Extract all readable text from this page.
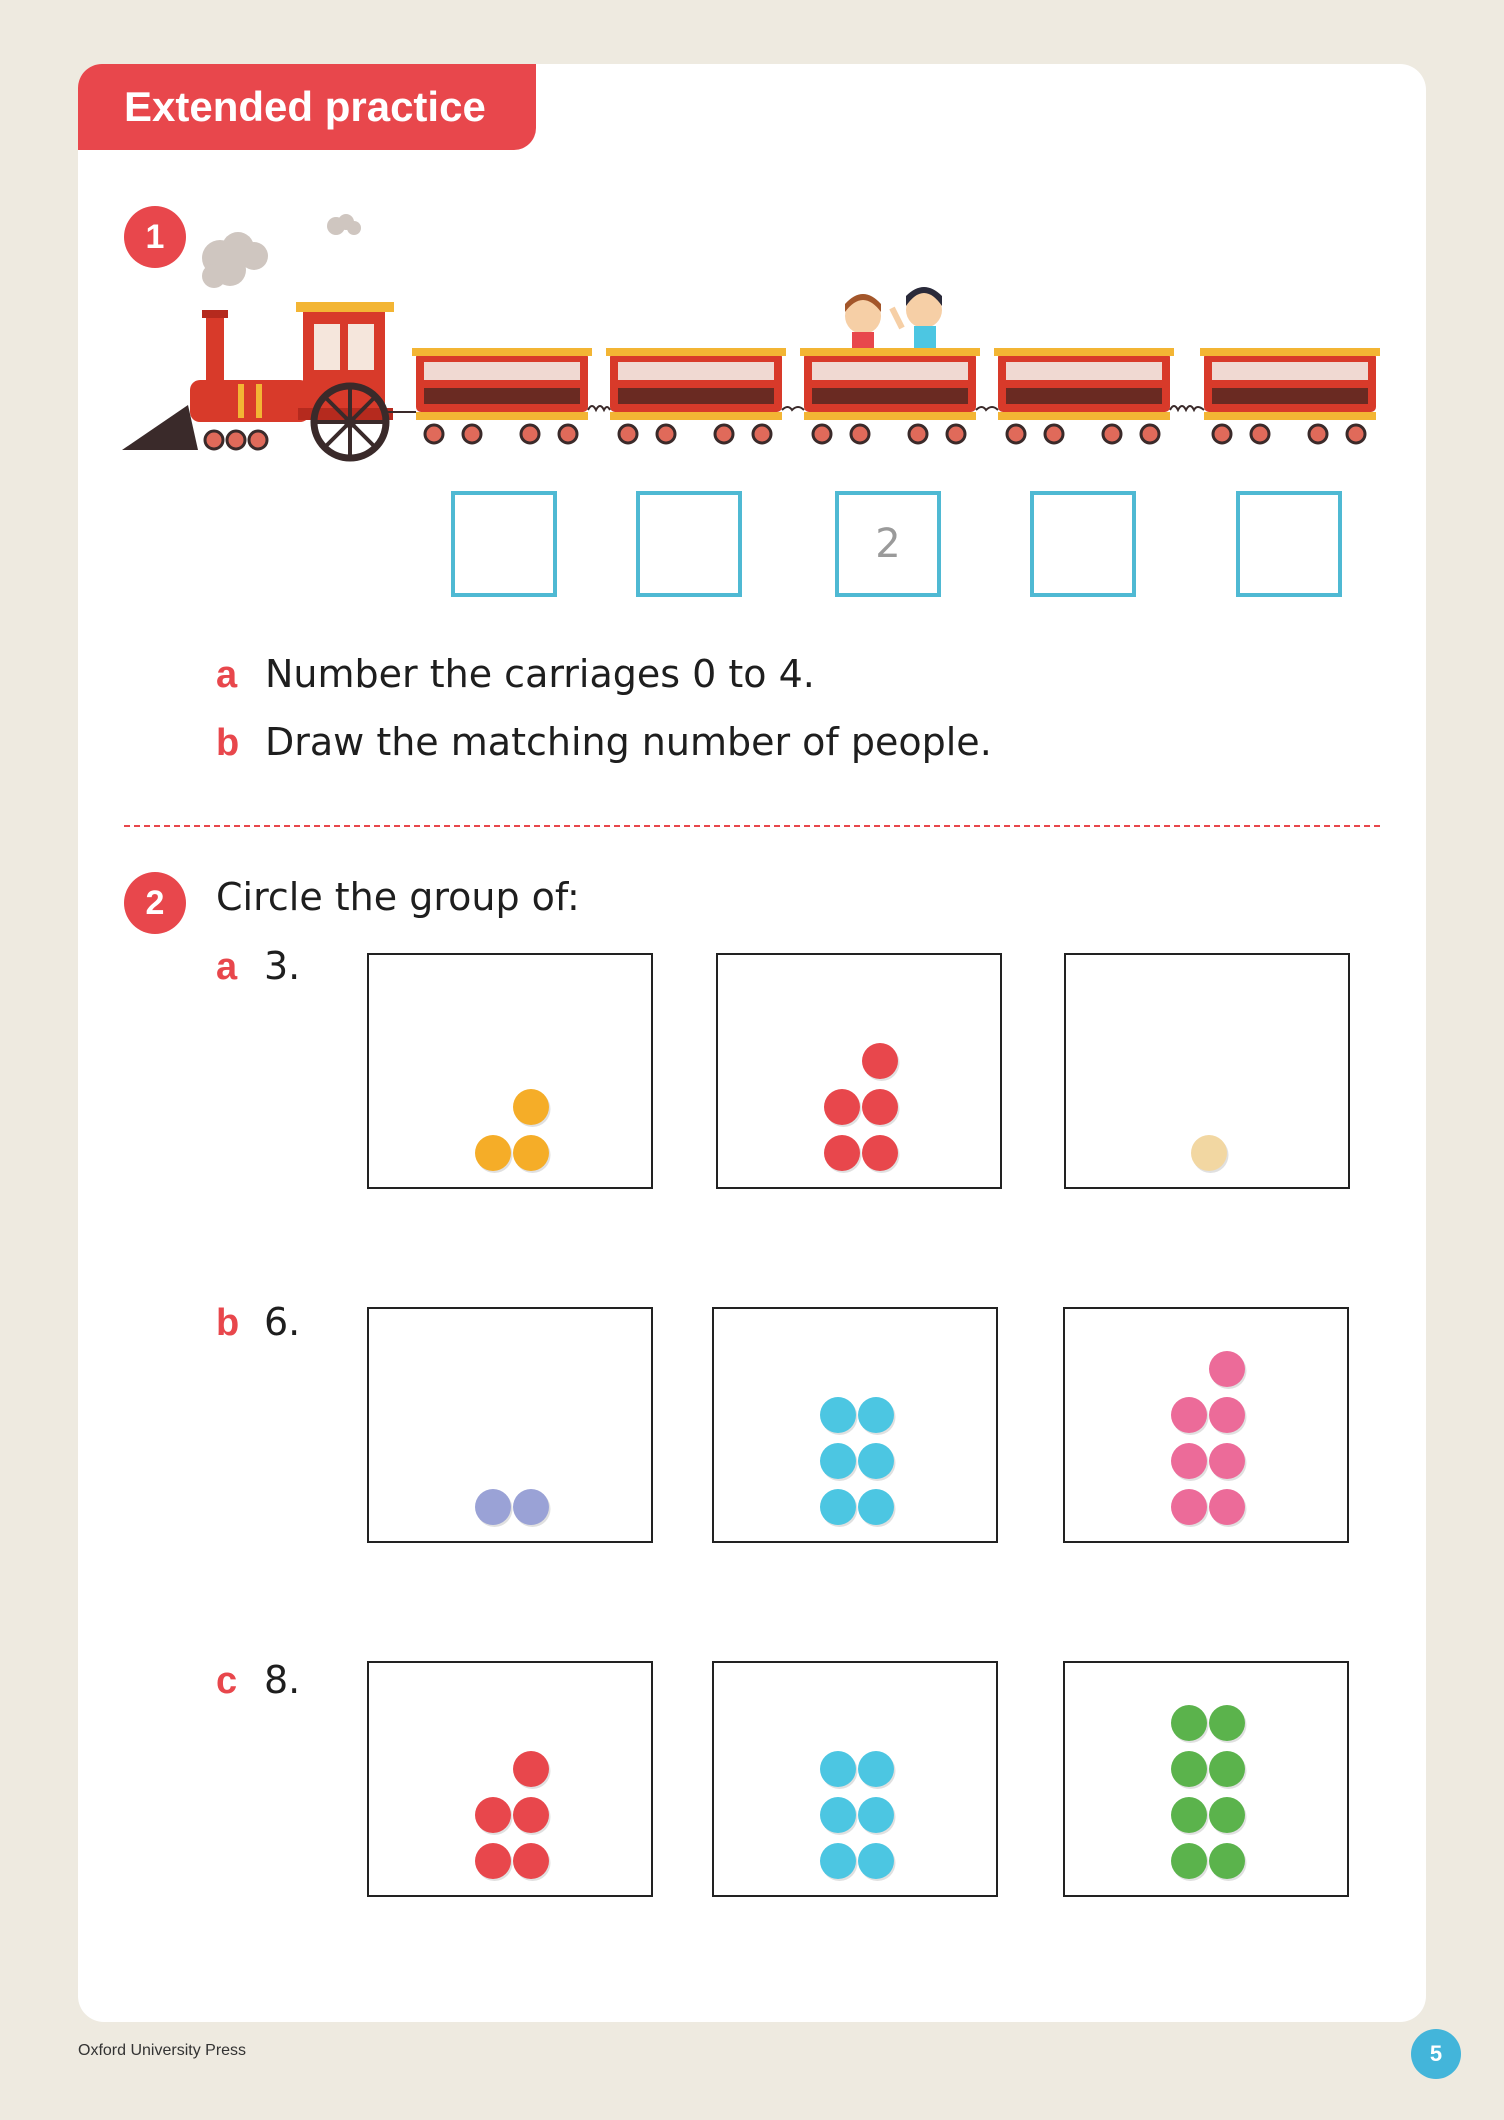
Extended practice
1
2
a Number the carriages 0 to 4.
b Draw the matching number of people.
2	Circle the group of:
a 3.
b 6.
c 8.
Oxford University Press	5
